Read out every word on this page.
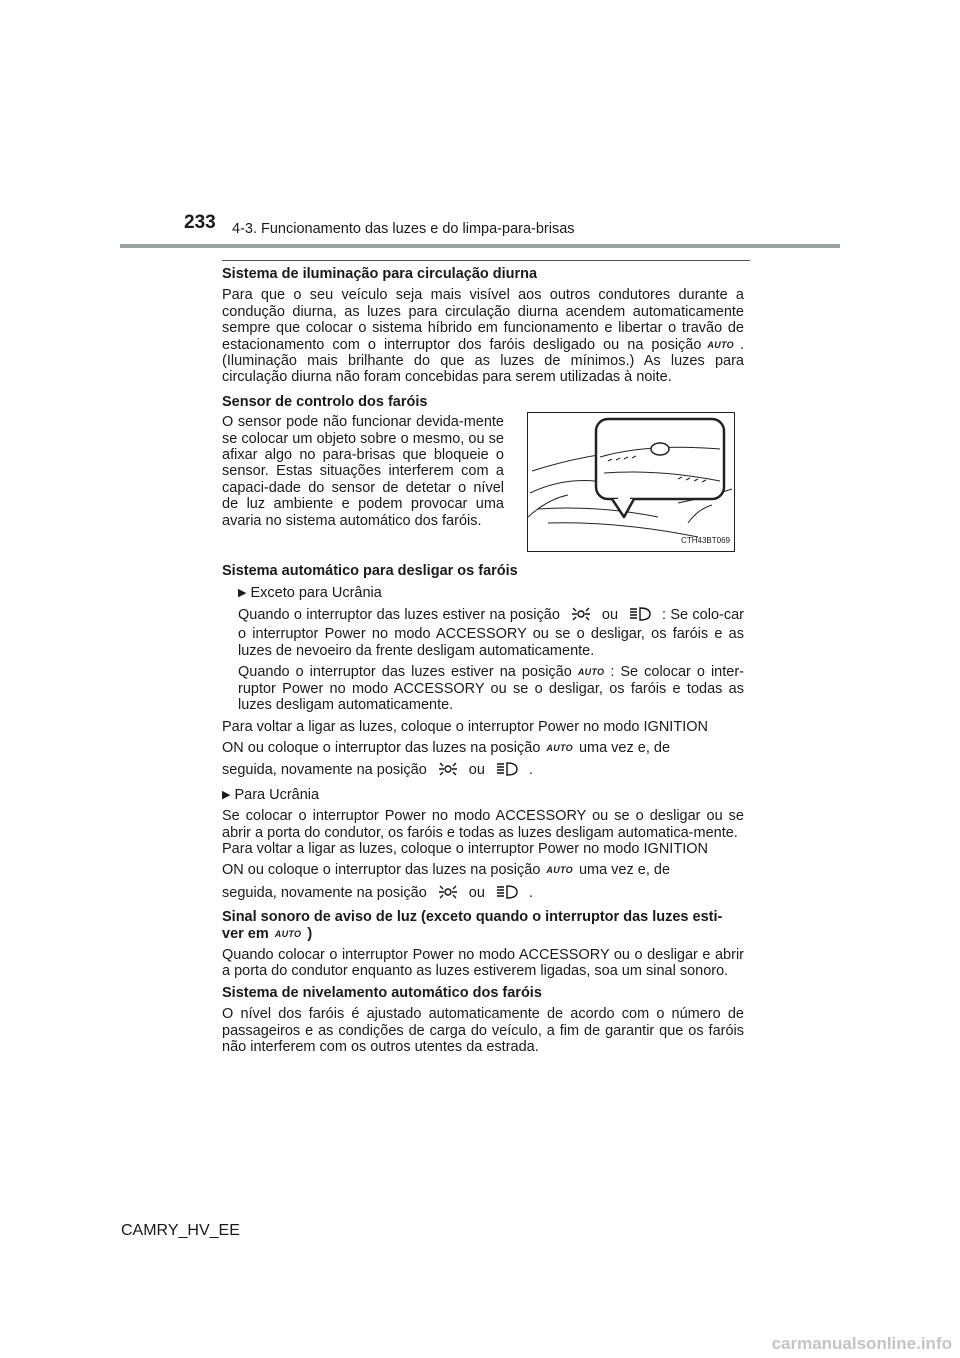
233 4-3. Funcionamento das luzes e do limpa-para-brisas

Sistema de iluminação para circulação diurna

Para que o seu veículo seja mais visível aos outros condutores durante a condução diurna, as luzes para circulação diurna acendem automaticamente sempre que colocar o sistema híbrido em funcionamento e libertar o travão de estacionamento com o interruptor dos faróis desligado ou na posição AUTO . (Iluminação mais brilhante do que as luzes de mínimos.) As luzes para circulação diurna não foram concebidas para serem utilizadas à noite.

Sensor de controlo dos faróis

O sensor pode não funcionar devida-mente se colocar um objeto sobre o mesmo, ou se afixar algo no para-brisas que bloqueie o sensor. Estas situações interferem com a capaci-dade do sensor de detetar o nível de luz ambiente e podem provocar uma avaria no sistema automático dos faróis.

CTH43BT069

Sistema automático para desligar os faróis

▶ Exceto para Ucrânia

Quando o interruptor das luzes estiver na posição	ou	: Se colo-car o interruptor Power no modo ACCESSORY ou se o desligar, os faróis e as luzes de nevoeiro da frente desligam automaticamente.

Quando o interruptor das luzes estiver na posição AUTO : Se colocar o inter-ruptor Power no modo ACCESSORY ou se o desligar, os faróis e todas as luzes desligam automaticamente.

Para voltar a ligar as luzes, coloque o interruptor Power no modo IGNITION

ON ou coloque o interruptor das luzes na posição AUTO uma vez e, de

seguida, novamente na posição	ou	.

▶ Para Ucrânia

Se colocar o interruptor Power no modo ACCESSORY ou se o desligar ou se abrir a porta do condutor, os faróis e todas as luzes desligam automatica-mente.

Para voltar a ligar as luzes, coloque o interruptor Power no modo IGNITION

ON ou coloque o interruptor das luzes na posição AUTO uma vez e, de

seguida, novamente na posição	ou	.

Sinal sonoro de aviso de luz (exceto quando o interruptor das luzes esti-

ver em AUTO )

Quando colocar o interruptor Power no modo ACCESSORY ou o desligar e abrir a porta do condutor enquanto as luzes estiverem ligadas, soa um sinal sonoro.

Sistema de nivelamento automático dos faróis

O nível dos faróis é ajustado automaticamente de acordo com o número de passageiros e as condições de carga do veículo, a fim de garantir que os faróis não interferem com os outros utentes da estrada.

CAMRY_HV_EE
carmanualsonline.info
